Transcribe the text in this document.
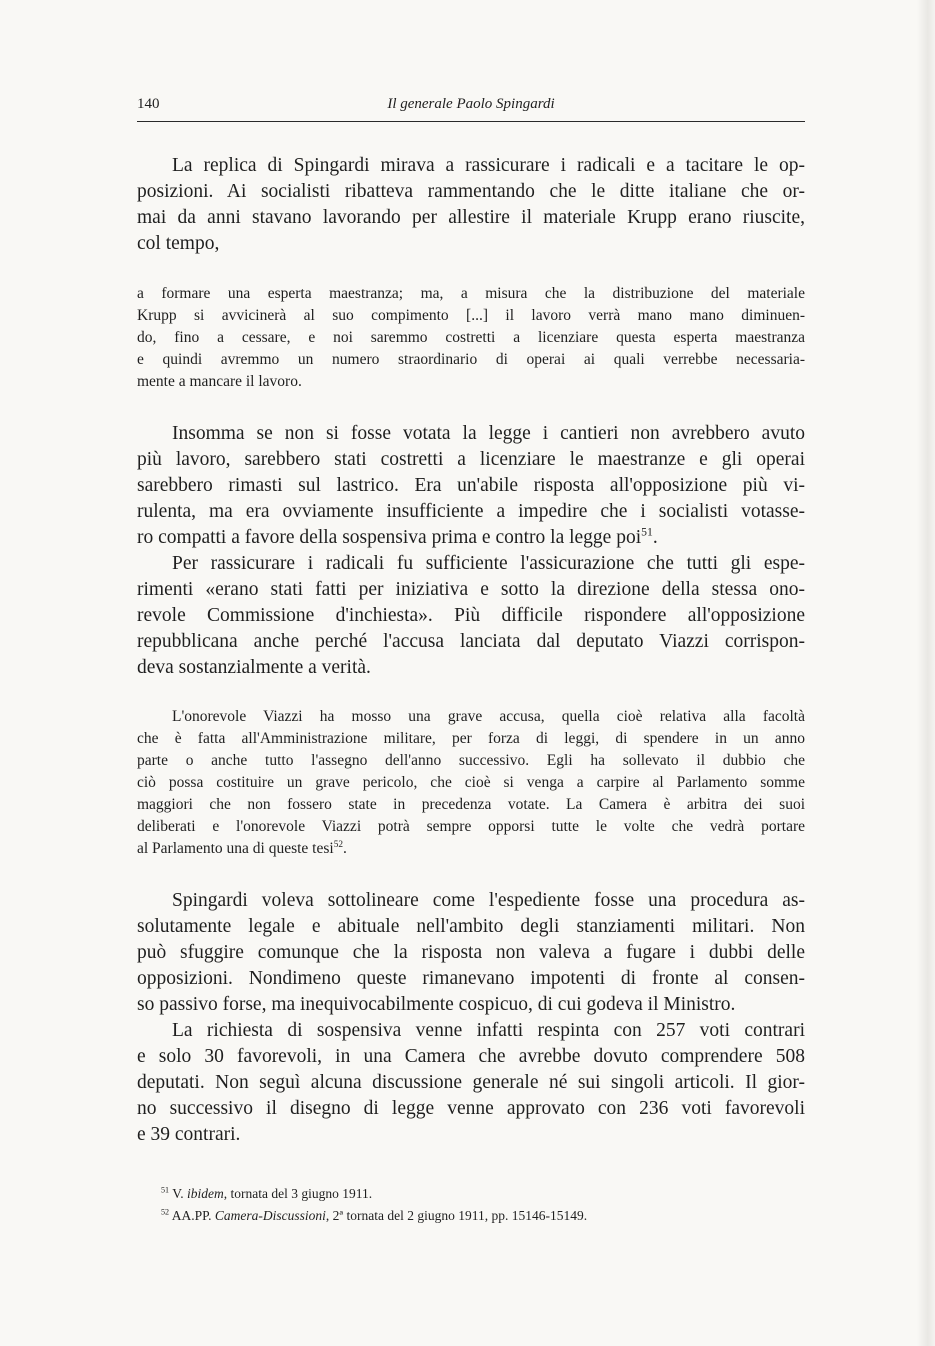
140	Il generale Paolo Spingardi
La replica di Spingardi mirava a rassicurare i radicali e a tacitare le op-
posizioni. Ai socialisti ribatteva rammentando che le ditte italiane che or-
mai da anni stavano lavorando per allestire il materiale Krupp erano riuscite,
col tempo,
a formare una esperta maestranza; ma, a misura che la distribuzione del materiale
Krupp si avvicinerà al suo compimento [...] il lavoro verrà mano mano diminuen-
do, fino a cessare, e noi saremmo costretti a licenziare questa esperta maestranza
e quindi avremmo un numero straordinario di operai ai quali verrebbe necessaria-
mente a mancare il lavoro.
Insomma se non si fosse votata la legge i cantieri non avrebbero avuto
più lavoro, sarebbero stati costretti a licenziare le maestranze e gli operai
sarebbero rimasti sul lastrico. Era un'abile risposta all'opposizione più vi-
rulenta, ma era ovviamente insufficiente a impedire che i socialisti votasse-
ro compatti a favore della sospensiva prima e contro la legge poi$^{51}$.
Per rassicurare i radicali fu sufficiente l'assicurazione che tutti gli espe-
rimenti «erano stati fatti per iniziativa e sotto la direzione della stessa ono-
revole Commissione d'inchiesta». Più difficile rispondere all'opposizione
repubblicana anche perché l'accusa lanciata dal deputato Viazzi corrispon-
deva sostanzialmente a verità.
L'onorevole Viazzi ha mosso una grave accusa, quella cioè relativa alla facoltà
che è fatta all'Amministrazione militare, per forza di leggi, di spendere in un anno
parte o anche tutto l'assegno dell'anno successivo. Egli ha sollevato il dubbio che
ciò possa costituire un grave pericolo, che cioè si venga a carpire al Parlamento somme
maggiori che non fossero state in precedenza votate. La Camera è arbitra dei suoi
deliberati e l'onorevole Viazzi potrà sempre opporsi tutte le volte che vedrà portare
al Parlamento una di queste tesi$^{52}$.
Spingardi voleva sottolineare come l'espediente fosse una procedura as-
solutamente legale e abituale nell'ambito degli stanziamenti militari. Non
può sfuggire comunque che la risposta non valeva a fugare i dubbi delle
opposizioni. Nondimeno queste rimanevano impotenti di fronte al consen-
so passivo forse, ma inequivocabilmente cospicuo, di cui godeva il Ministro.
La richiesta di sospensiva venne infatti respinta con 257 voti contrari
e solo 30 favorevoli, in una Camera che avrebbe dovuto comprendere 508
deputati. Non seguì alcuna discussione generale né sui singoli articoli. Il gior-
no successivo il disegno di legge venne approvato con 236 voti favorevoli
e 39 contrari.
$^{51}$ V. ibidem, tornata del 3 giugno 1911.
$^{52}$ AA.PP. Camera-Discussioni, 2ª tornata del 2 giugno 1911, pp. 15146-15149.
